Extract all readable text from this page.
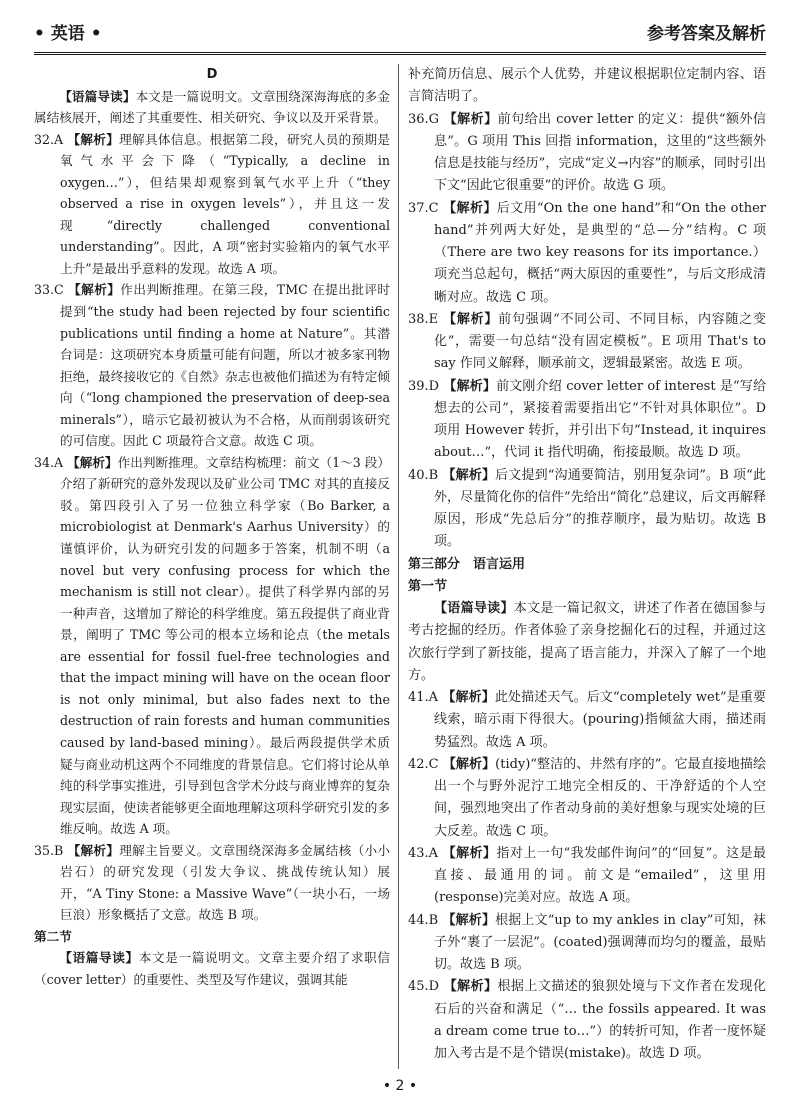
• 英语 •	参考答案及解析

D

【语篇导读】本文是一篇说明文。文章围绕深海海底的多金属结核展开，阐述了其重要性、相关研究、争议以及开采背景。

32.A 【解析】理解具体信息。根据第二段，研究人员的预期是氧气水平会下降（“Typically, a decline in oxygen…”），但结果却观察到氧气水平上升（“they observed a rise in oxygen levels”），并且这一发现“directly challenged conventional understanding”。因此，A 项“密封实验箱内的氧气水平上升”是最出乎意料的发现。故选 A 项。

33.C 【解析】作出判断推理。在第三段，TMC 在提出批评时提到“the study had been rejected by four scientific publications until finding a home at Nature”。其潜台词是：这项研究本身质量可能有问题，所以才被多家刊物拒绝，最终接收它的《自然》杂志也被他们描述为有特定倾向（“long championed the preservation of deep-sea minerals”），暗示它最初被认为不合格，从而削弱该研究的可信度。因此 C 项最符合文意。故选 C 项。

34.A 【解析】作出判断推理。文章结构梳理：前文（1～3 段）介绍了新研究的意外发现以及矿业公司 TMC 对其的直接反驳。第四段引入了另一位独立科学家（Bo Barker, a microbiologist at Denmark's Aarhus University）的谨慎评价，认为研究引发的问题多于答案，机制不明（a novel but very confusing process for which the mechanism is still not clear）。提供了科学界内部的另一种声音，这增加了辩论的科学维度。第五段提供了商业背景，阐明了 TMC 等公司的根本立场和论点（the metals are essential for fossil fuel-free technologies and that the impact mining will have on the ocean floor is not only minimal, but also fades next to the destruction of rain forests and human communities caused by land-based mining）。最后两段提供学术质疑与商业动机这两个不同维度的背景信息。它们将讨论从单纯的科学事实推进，引导到包含学术分歧与商业博弈的复杂现实层面，使读者能够更全面地理解这项科学研究引发的多维反响。故选 A 项。

35.B 【解析】理解主旨要义。文章围绕深海多金属结核（小小岩石）的研究发现（引发大争议、挑战传统认知）展开，“A Tiny Stone: a Massive Wave”（一块小石，一场巨浪）形象概括了文意。故选 B 项。

第二节

【语篇导读】本文是一篇说明文。文章主要介绍了求职信（cover letter）的重要性、类型及写作建议，强调其能

补充简历信息、展示个人优势，并建议根据职位定制内容、语言简洁明了。

36.G 【解析】前句给出 cover letter 的定义：提供“额外信息”。G 项用 This 回指 information，这里的“这些额外信息是技能与经历”，完成“定义→内容”的顺承，同时引出下文“因此它很重要”的评价。故选 G 项。

37.C 【解析】后文用“On the one hand”和“On the other hand”并列两大好处，是典型的“总—分”结构。C 项（There are two key reasons for its importance.）项充当总起句，概括“两大原因的重要性”，与后文形成清晰对应。故选 C 项。

38.E 【解析】前句强调“不同公司、不同目标，内容随之变化”，需要一句总结“没有固定模板”。E 项用 That's to say 作同义解释，顺承前文，逻辑最紧密。故选 E 项。

39.D 【解析】前文刚介绍 cover letter of interest 是“写给想去的公司”，紧接着需要指出它“不针对具体职位”。D 项用 However 转折，并引出下句“Instead, it inquires about…”，代词 it 指代明确，衔接最顺。故选 D 项。

40.B 【解析】后文提到“沟通要简洁，别用复杂词”。B 项“此外，尽量简化你的信件”先给出“简化”总建议，后文再解释原因，形成“先总后分”的推荐顺序，最为贴切。故选 B 项。

第三部分　语言运用

第一节

【语篇导读】本文是一篇记叙文，讲述了作者在德国参与考古挖掘的经历。作者体验了亲身挖掘化石的过程，并通过这次旅行学到了新技能，提高了语言能力，并深入了解了一个地方。

41.A 【解析】此处描述天气。后文“completely wet”是重要线索，暗示雨下得很大。(pouring)指倾盆大雨，描述雨势猛烈。故选 A 项。

42.C 【解析】(tidy)“整洁的、井然有序的”。它最直接地描绘出一个与野外泥泞工地完全相反的、干净舒适的个人空间，强烈地突出了作者动身前的美好想象与现实处境的巨大反差。故选 C 项。

43.A 【解析】指对上一句“我发邮件询问”的“回复”。这是最直接、最通用的词。前文是“emailed”，这里用(response)完美对应。故选 A 项。

44.B 【解析】根据上文“up to my ankles in clay”可知，袜子外“裹了一层泥”。(coated)强调薄而均匀的覆盖，最贴切。故选 B 项。

45.D 【解析】根据上文描述的狼狈处境与下文作者在发现化石后的兴奋和满足（“… the fossils appeared. It was a dream come true to…”）的转折可知，作者一度怀疑加入考古是不是个错误(mistake)。故选 D 项。

• 2 •
